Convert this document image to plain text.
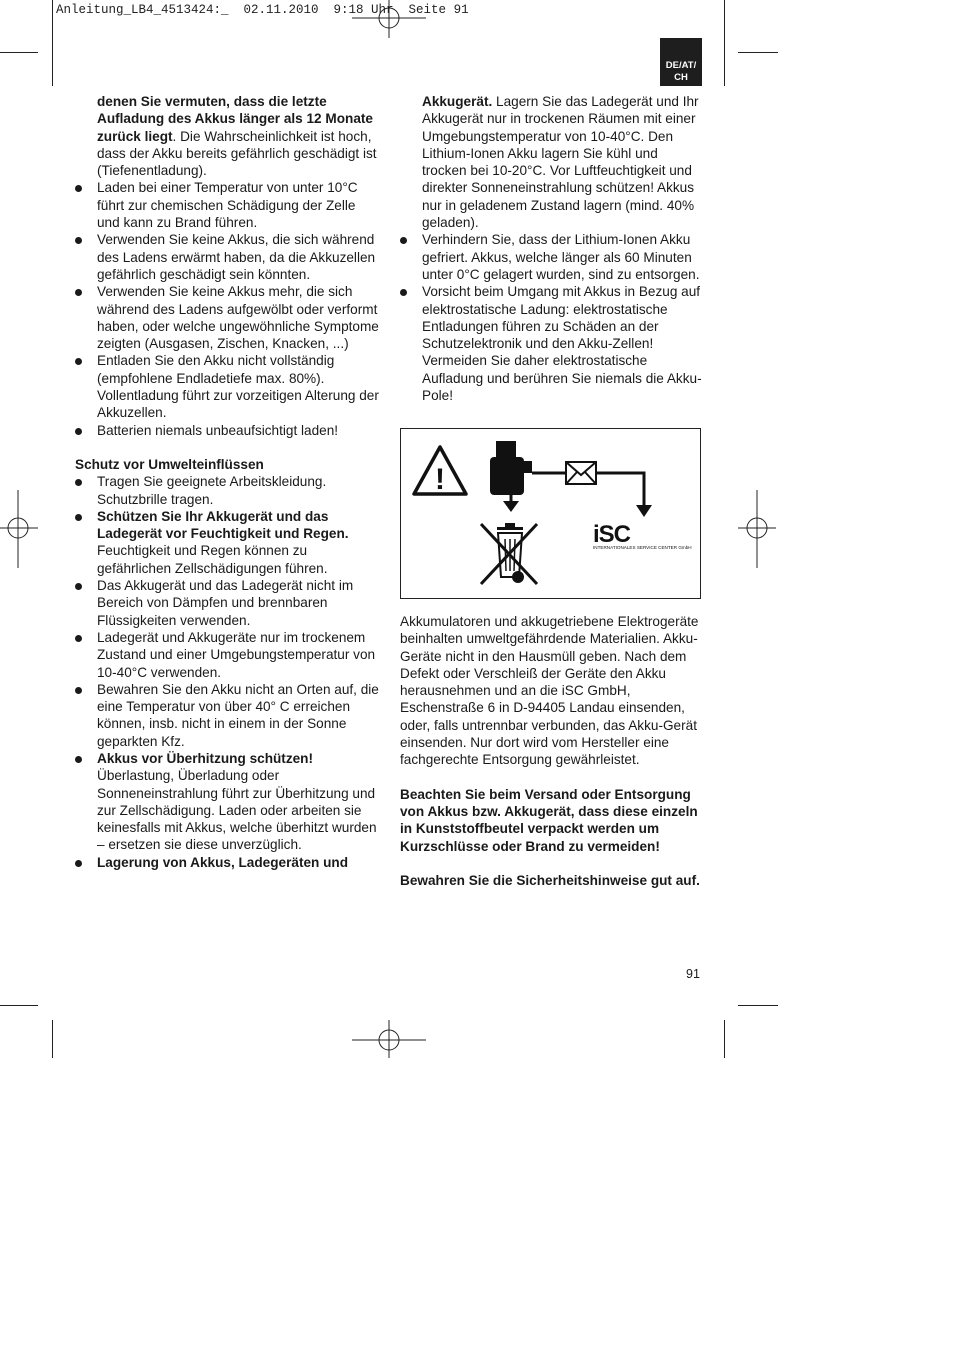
Anleitung_LB4_4513424:_  02.11.2010  9:18 Uhr  Seite 91
DE/AT/
CH

denen Sie vermuten, dass die letzte Aufladung des Akkus länger als 12 Monate zurück liegt. Die Wahrscheinlichkeit ist hoch, dass der Akku bereits gefährlich geschädigt ist (Tiefenentladung).

Laden bei einer Temperatur von unter 10°C führt zur chemischen Schädigung der Zelle und kann zu Brand führen.

Verwenden Sie keine Akkus, die sich während des Ladens erwärmt haben, da die Akkuzellen gefährlich geschädigt sein könnten.

Verwenden Sie keine Akkus mehr, die sich während des Ladens aufgewölbt oder verformt haben, oder welche ungewöhnliche Symptome zeigten (Ausgasen, Zischen, Knacken, ...)

Entladen Sie den Akku nicht vollständig (empfohlene Endladetiefe max. 80%). Vollentladung führt zur vorzeitigen Alterung der Akkuzellen.

Batterien niemals unbeaufsichtigt laden!

Schutz vor Umwelteinflüssen

Tragen Sie geeignete Arbeitskleidung. Schutzbrille tragen.

Schützen Sie Ihr Akkugerät und das Ladegerät vor Feuchtigkeit und Regen. Feuchtigkeit und Regen können zu gefährlichen Zellschädigungen führen.

Das Akkugerät und das Ladegerät nicht im Bereich von Dämpfen und brennbaren Flüssigkeiten verwenden.

Ladegerät und Akkugeräte nur im trockenem Zustand und einer Umgebungstemperatur von 10-40°C verwenden.

Bewahren Sie den Akku nicht an Orten auf, die eine Temperatur von über 40° C erreichen können, insb. nicht in einem in der Sonne geparkten Kfz.

Akkus vor Überhitzung schützen! Überlastung, Überladung oder Sonneneinstrahlung führt zur Überhitzung und zur Zellschädigung. Laden oder arbeiten sie keinesfalls mit Akkus, welche überhitzt wurden – ersetzen sie diese unverzüglich.

Lagerung von Akkus, Ladegeräten und

Akkugerät. Lagern Sie das Ladegerät und Ihr Akkugerät nur in trockenen Räumen mit einer Umgebungstemperatur von 10-40°C. Den Lithium-Ionen Akku lagern Sie kühl und trocken bei 10-20°C. Vor Luftfeuchtigkeit und direkter Sonneneinstrahlung schützen! Akkus nur in geladenem Zustand lagern (mind. 40% geladen).

Verhindern Sie, dass der Lithium-Ionen Akku gefriert. Akkus, welche länger als 60 Minuten unter 0°C gelagert wurden, sind zu entsorgen.

Vorsicht beim Umgang mit Akkus in Bezug auf elektrostatische Ladung: elektrostatische Entladungen führen zu Schäden an der Schutzelektronik und den Akku-Zellen! Vermeiden Sie daher elektrostatische Aufladung und berühren Sie niemals die Akku-Pole!

!
iSC
INTERNATIONALES SERVICE CENTER GmbH

Akkumulatoren und akkugetriebene Elektrogeräte beinhalten umweltgefährdende Materialien. Akku- Geräte nicht in den Hausmüll geben. Nach dem Defekt oder Verschleiß der Geräte den Akku herausnehmen und an die iSC GmbH, Eschenstraße 6 in D-94405 Landau einsenden, oder, falls untrennbar verbunden, das Akku-Gerät einsenden. Nur dort wird vom Hersteller eine fachgerechte Entsorgung gewährleistet.

Beachten Sie beim Versand oder Entsorgung von Akkus bzw. Akkugerät, dass diese einzeln in Kunststoffbeutel verpackt werden um Kurzschlüsse oder Brand zu vermeiden!

Bewahren Sie die Sicherheitshinweise gut auf.

91
